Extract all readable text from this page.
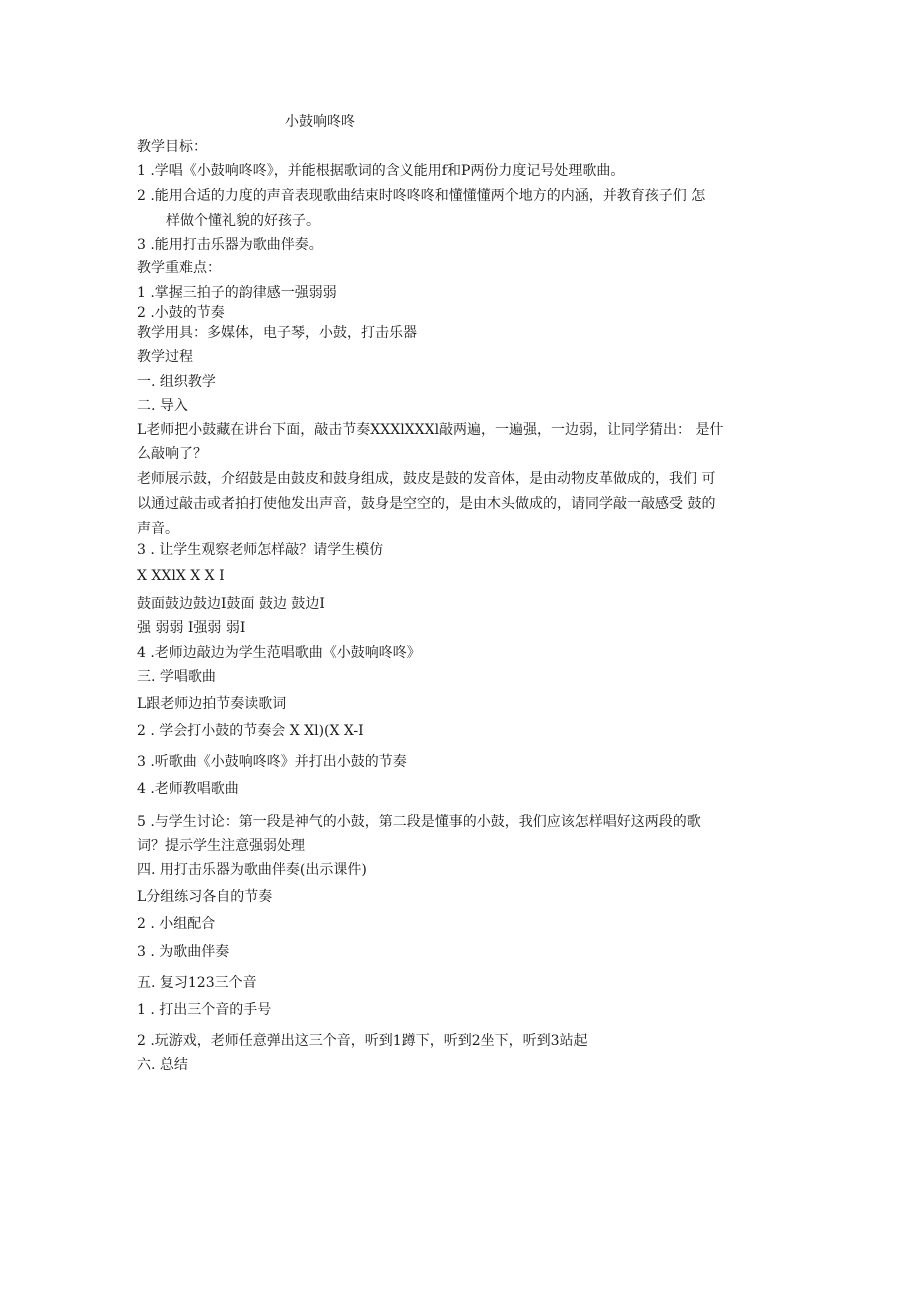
小鼓响咚咚
教学目标：
1 .学唱《小鼓响咚咚》，并能根据歌词的含义能用f和P两份力度记号处理歌曲。
2 .能用合适的力度的声音表现歌曲结束时咚咚咚和懂懂懂两个地方的内涵，并教育孩子们 怎
样做个懂礼貌的好孩子。
3 .能用打击乐器为歌曲伴奏。
教学重难点：
1 .掌握三拍子的韵律感一强弱弱
2 .小鼓的节奏
教学用具：多媒体，电子琴，小鼓，打击乐器
教学过程
一. 组织教学
二. 导入
L老师把小鼓藏在讲台下面，敲击节奏XXXlXXXl敲两遍，一遍强，一边弱，让同学猜出： 是什
么敲响了？
老师展示鼓，介绍鼓是由鼓皮和鼓身组成，鼓皮是鼓的发音体，是由动物皮革做成的，我们 可
以通过敲击或者拍打使他发出声音，鼓身是空空的，是由木头做成的，请同学敲一敲感受 鼓的
声音。
3 . 让学生观察老师怎样敲？请学生模仿
X XXlX X X I
鼓面鼓边鼓边I鼓面 鼓边 鼓边I
强 弱弱 I强弱 弱I
4 .老师边敲边为学生范唱歌曲《小鼓响咚咚》
三. 学唱歌曲
L跟老师边拍节奏读歌词
2 . 学会打小鼓的节奏会 X Xl)(X X-I
3 .听歌曲《小鼓响咚咚》并打出小鼓的节奏
4 .老师教唱歌曲
5 .与学生讨论：第一段是神气的小鼓，第二段是懂事的小鼓，我们应该怎样唱好这两段的歌
词？提示学生注意强弱处理
四. 用打击乐器为歌曲伴奏(出示课件)
L分组练习各自的节奏
2 . 小组配合
3 . 为歌曲伴奏
五. 复习123三个音
1 . 打出三个音的手号
2 .玩游戏，老师任意弹出这三个音，听到1蹲下，听到2坐下，听到3站起
六. 总结
